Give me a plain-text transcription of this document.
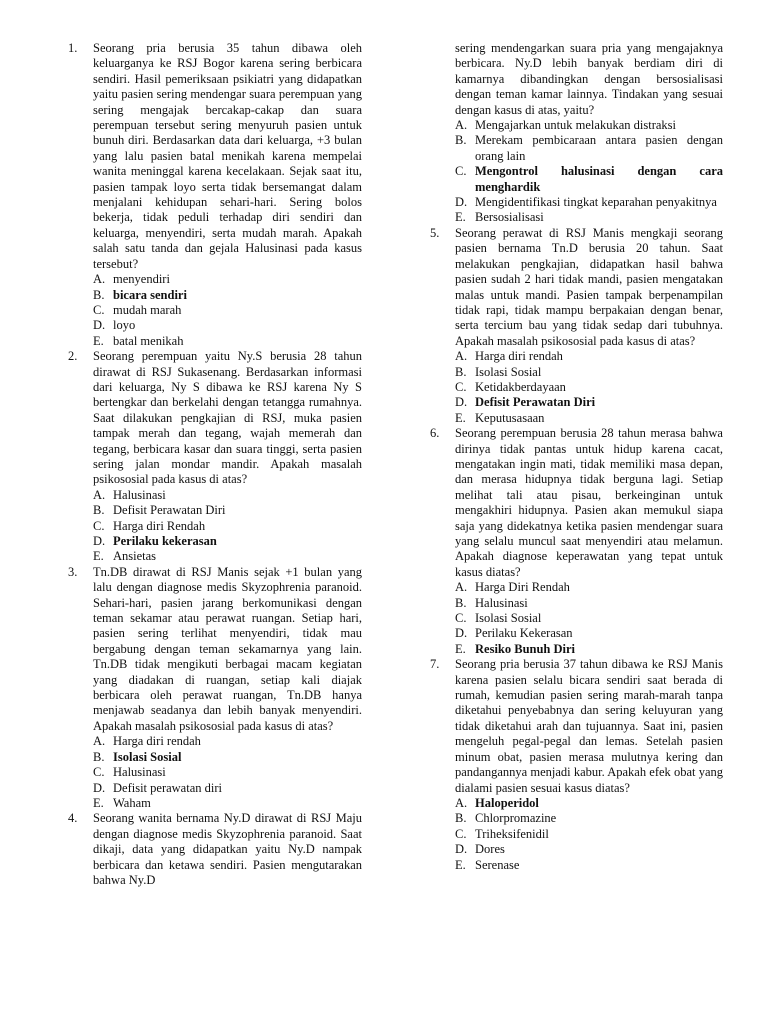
1. Seorang pria berusia 35 tahun dibawa oleh keluarganya ke RSJ Bogor karena sering berbicara sendiri. Hasil pemeriksaan psikiatri yang didapatkan yaitu pasien sering mendengar suara perempuan yang sering mengajak bercakap-cakap dan suara perempuan tersebut sering menyuruh pasien untuk bunuh diri. Berdasarkan data dari keluarga, +3 bulan yang lalu pasien batal menikah karena mempelai wanita meninggal karena kecelakaan. Sejak saat itu, pasien tampak loyo serta tidak bersemangat dalam menjalani kehidupan sehari-hari. Sering bolos bekerja, tidak peduli terhadap diri sendiri dan keluarga, menyendiri, serta mudah marah. Apakah salah satu tanda dan gejala Halusinasi pada kasus tersebut?
A. menyendiri
B. bicara sendiri
C. mudah marah
D. loyo
E. batal menikah
2. Seorang perempuan yaitu Ny.S berusia 28 tahun dirawat di RSJ Sukasenang. Berdasarkan informasi dari keluarga, Ny S dibawa ke RSJ karena Ny S bertengkar dan berkelahi dengan tetangga rumahnya. Saat dilakukan pengkajian di RSJ, muka pasien tampak merah dan tegang, wajah memerah dan tegang, berbicara kasar dan suara tinggi, serta pasien sering jalan mondar mandir. Apakah masalah psikososial pada kasus di atas?
A. Halusinasi
B. Defisit Perawatan Diri
C. Harga diri Rendah
D. Perilaku kekerasan
E. Ansietas
3. Tn.DB dirawat di RSJ Manis sejak +1 bulan yang lalu dengan diagnose medis Skyzophrenia paranoid. Sehari-hari, pasien jarang berkomunikasi dengan teman sekamar atau perawat ruangan. Setiap hari, pasien sering terlihat menyendiri, tidak mau bergabung dengan teman sekamarnya yang lain. Tn.DB tidak mengikuti berbagai macam kegiatan yang diadakan di ruangan, setiap kali diajak berbicara oleh perawat ruangan, Tn.DB hanya menjawab seadanya dan lebih banyak menyendiri. Apakah masalah psikososial pada kasus di atas?
A. Harga diri rendah
B. Isolasi Sosial
C. Halusinasi
D. Defisit perawatan diri
E. Waham
4. Seorang wanita bernama Ny.D dirawat di RSJ Maju dengan diagnose medis Skyzophrenia paranoid. Saat dikaji, data yang didapatkan yaitu Ny.D nampak berbicara dan ketawa sendiri. Pasien mengutarakan bahwa Ny.D
sering mendengarkan suara pria yang mengajaknya berbicara. Ny.D lebih banyak berdiam diri di kamarnya dibandingkan dengan bersosialisasi dengan teman kamar lainnya. Tindakan yang sesuai dengan kasus di atas, yaitu?
A. Mengajarkan untuk melakukan distraksi
B. Merekam pembicaraan antara pasien dengan orang lain
C. Mengontrol halusinasi dengan cara menghardik
D. Mengidentifikasi tingkat keparahan penyakitnya
E. Bersosialisasi
5. Seorang perawat di RSJ Manis mengkaji seorang pasien bernama Tn.D berusia 20 tahun. Saat melakukan pengkajian, didapatkan hasil bahwa pasien sudah 2 hari tidak mandi, pasien mengatakan malas untuk mandi. Pasien tampak berpenampilan tidak rapi, tidak mampu berpakaian dengan benar, serta tercium bau yang tidak sedap dari tubuhnya. Apakah masalah psikososial pada kasus di atas?
A. Harga diri rendah
B. Isolasi Sosial
C. Ketidakberdayaan
D. Defisit Perawatan Diri
E. Keputusasaan
6. Seorang perempuan berusia 28 tahun merasa bahwa dirinya tidak pantas untuk hidup karena cacat, mengatakan ingin mati, tidak memiliki masa depan, dan merasa hidupnya tidak berguna lagi. Setiap melihat tali atau pisau, berkeinginan untuk mengakhiri hidupnya. Pasien akan memukul siapa saja yang didekatnya ketika pasien mendengar suara yang selalu muncul saat menyendiri atau melamun. Apakah diagnose keperawatan yang tepat untuk kasus diatas?
A. Harga Diri Rendah
B. Halusinasi
C. Isolasi Sosial
D. Perilaku Kekerasan
E. Resiko Bunuh Diri
7. Seorang pria berusia 37 tahun dibawa ke RSJ Manis karena pasien selalu bicara sendiri saat berada di rumah, kemudian pasien sering marah-marah tanpa diketahui penyebabnya dan sering keluyuran yang tidak diketahui arah dan tujuannya. Saat ini, pasien mengeluh pegal-pegal dan lemas. Setelah pasien minum obat, pasien merasa mulutnya kering dan pandangannya menjadi kabur. Apakah efek obat yang dialami pasien sesuai kasus diatas?
A. Haloperidol
B. Chlorpromazine
C. Triheksifenidil
D. Dores
E. Serenase
